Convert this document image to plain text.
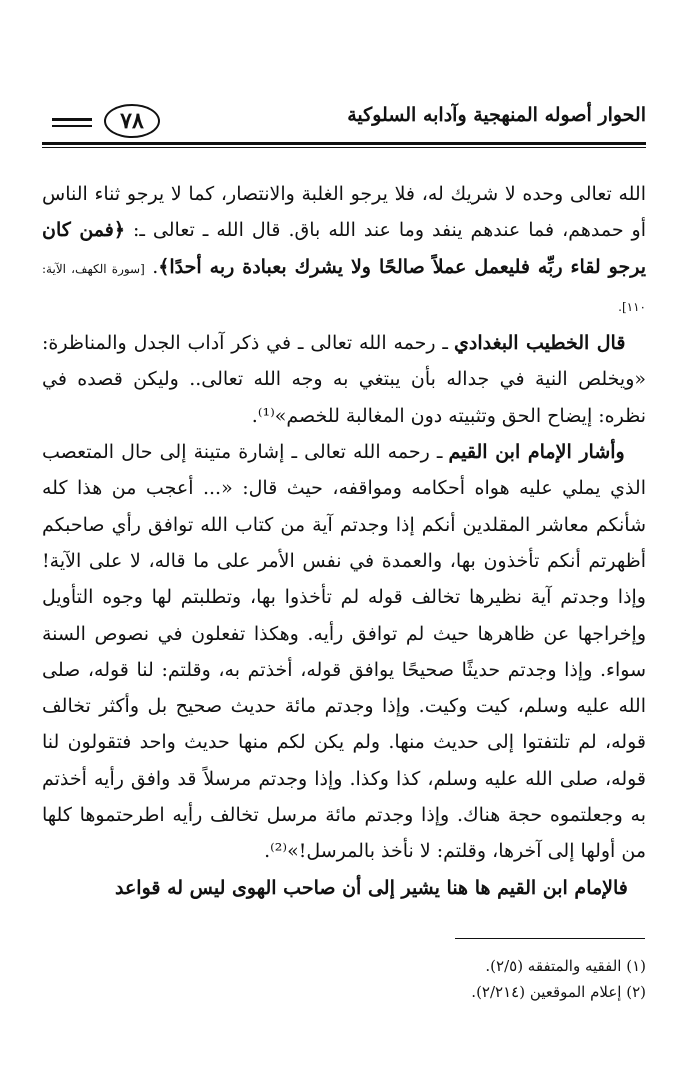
الحوار أصوله المنهجية وآدابه السلوكية
٧٨

الله تعالى وحده لا شريك له، فلا يرجو الغلبة والانتصار، كما لا يرجو ثناء الناس أو حمدهم، فما عندهم ينفد وما عند الله باق. قال الله ـ تعالى ـ: ﴿فمن كان يرجو لقاء ربِّه فليعمل عملاً صالحًا ولا يشرك بعبادة ربه أحدًا﴾. [سورة الكهف، الآية: ١١٠].

قال الخطيب البغدادي ـ رحمه الله تعالى ـ في ذكر آداب الجدل والمناظرة: «ويخلص النية في جداله بأن يبتغي به وجه الله تعالى.. وليكن قصده في نظره: إيضاح الحق وتثبيته دون المغالبة للخصم»⁽¹⁾.

وأشار الإمام ابن القيم ـ رحمه الله تعالى ـ إشارة متينة إلى حال المتعصب الذي يملي عليه هواه أحكامه ومواقفه، حيث قال: «... أعجب من هذا كله شأنكم معاشر المقلدين أنكم إذا وجدتم آية من كتاب الله توافق رأي صاحبكم أظهرتم أنكم تأخذون بها، والعمدة في نفس الأمر على ما قاله، لا على الآية! وإذا وجدتم آية نظيرها تخالف قوله لم تأخذوا بها، وتطلبتم لها وجوه التأويل وإخراجها عن ظاهرها حيث لم توافق رأيه. وهكذا تفعلون في نصوص السنة سواء. وإذا وجدتم حديثًا صحيحًا يوافق قوله، أخذتم به، وقلتم: لنا قوله، صلى الله عليه وسلم، كيت وكيت. وإذا وجدتم مائة حديث صحيح بل وأكثر تخالف قوله، لم تلتفتوا إلى حديث منها. ولم يكن لكم منها حديث واحد فتقولون لنا قوله، صلى الله عليه وسلم، كذا وكذا. وإذا وجدتم مرسلاً قد وافق رأيه أخذتم به وجعلتموه حجة هناك. وإذا وجدتم مائة مرسل تخالف رأيه اطرحتموها كلها من أولها إلى آخرها، وقلتم: لا نأخذ بالمرسل!»⁽²⁾.

فالإمام ابن القيم ها هنا يشير إلى أن صاحب الهوى ليس له قواعد

(١) الفقيه والمتفقه (٢/٥).

(٢) إعلام الموقعين (٢/٢١٤).
